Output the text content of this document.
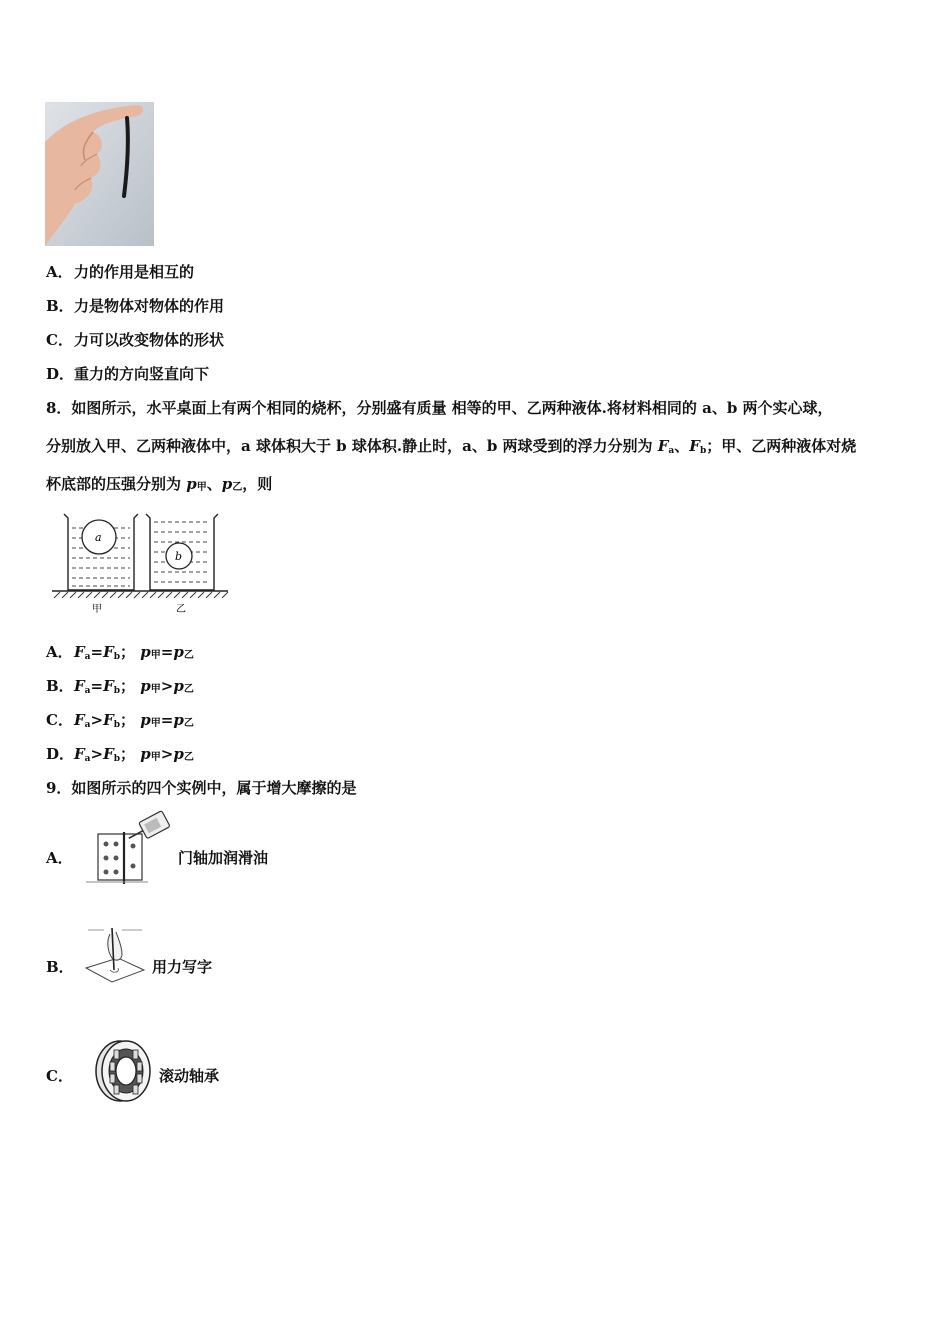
A．力的作用是相互的
B．力是物体对物体的作用
C．力可以改变物体的形状
D．重力的方向竖直向下
8．如图所示，水平桌面上有两个相同的烧杯，分别盛有质量 相等的甲、乙两种液体.将材料相同的 a、b 两个实心球，
分别放入甲、乙两种液体中，a 球体积大于 b 球体积.静止时，a、b 两球受到的浮力分别为 $F_a$、$F_b$；甲、乙两种液体对烧
杯底部的压强分别为 p甲、p乙，则
a
b
甲	乙
A．$F_a=F_b$； p甲=p乙
B．$F_a=F_b$； p甲>p乙
C．$F_a>F_b$； p甲=p乙
D．$F_a>F_b$； p甲>p乙
9．如图所示的四个实例中，属于增大摩擦的是
A．	门轴加润滑油
B．	用力写字
C．	滚动轴承
